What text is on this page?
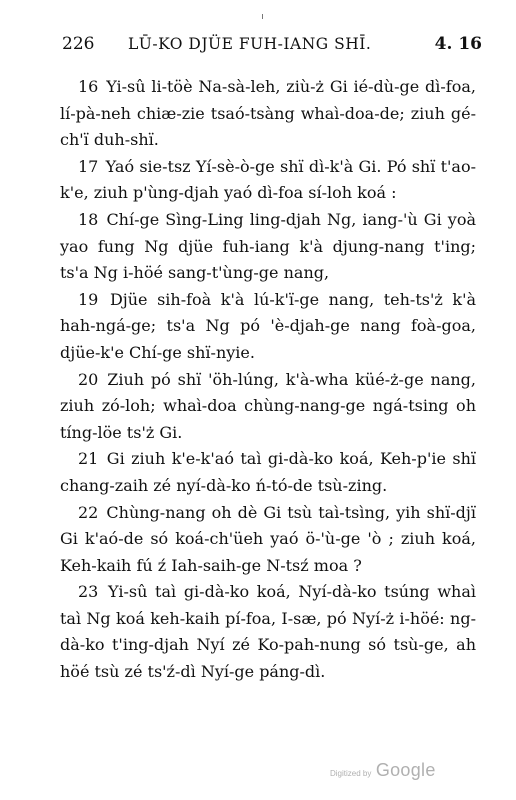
226 LŪ-KO DJÜE FUH-IANG SHĪ.	4. 16

16 Yi-sû li-töè Na-sà-leh, ziù-ż Gi ié-dù-ge dì-foa, lí-pà-neh chiæ-zie tsaó-tsàng whaì-doa-de; ziuh gé-ch'ï duh-shï.

17 Yaó sie-tsz Yí-sè-ò-ge shï dì-k'à Gi. Pó shï t'ao-k'e, ziuh p'ùng-djah yaó dì-foa sí-loh koá :

18 Chí-ge Sìng-Ling ling-djah Ng, iang-'ù Gi yoà yao fung Ng djüe fuh-iang k'à djung-nang t'ing; ts'a Ng i-höé sang-t'ùng-ge nang,

19 Djüe sih-foà k'à lú-k'ï-ge nang, teh-ts'ż k'à hah-ngá-ge; ts'a Ng pó 'è-djah-ge nang foà-goa, djüe-k'e Chí-ge shï-nyie.

20 Ziuh pó shï 'öh-lúng, k'à-wha küé-ż-ge nang, ziuh zó-loh; whaì-doa chùng-nang-ge ngá-tsing oh tíng-löe ts'ż Gi.

21 Gi ziuh k'e-k'aó taì gi-dà-ko koá, Keh-p'ie shï chang-zaih zé nyí-dà-ko ń-tó-de tsù-zing.

22 Chùng-nang oh dè Gi tsù taì-tsìng, yih shï-djï Gi k'aó-de só koá-ch'üeh yaó ö-'ù-ge 'ò ; ziuh koá, Keh-kaih fú ź Iah-saih-ge N-tsź moa ?

23 Yi-sû taì gi-dà-ko koá, Nyí-dà-ko tsúng whaì taì Ng koá keh-kaih pí-foa, I-sæ, pó Nyí-ż i-höé: ng-dà-ko t'ing-djah Nyí zé Ko-pah-nung só tsù-ge, ah höé tsù zé ts'ź-dì Nyí-ge páng-dì.

Digitized by Google
